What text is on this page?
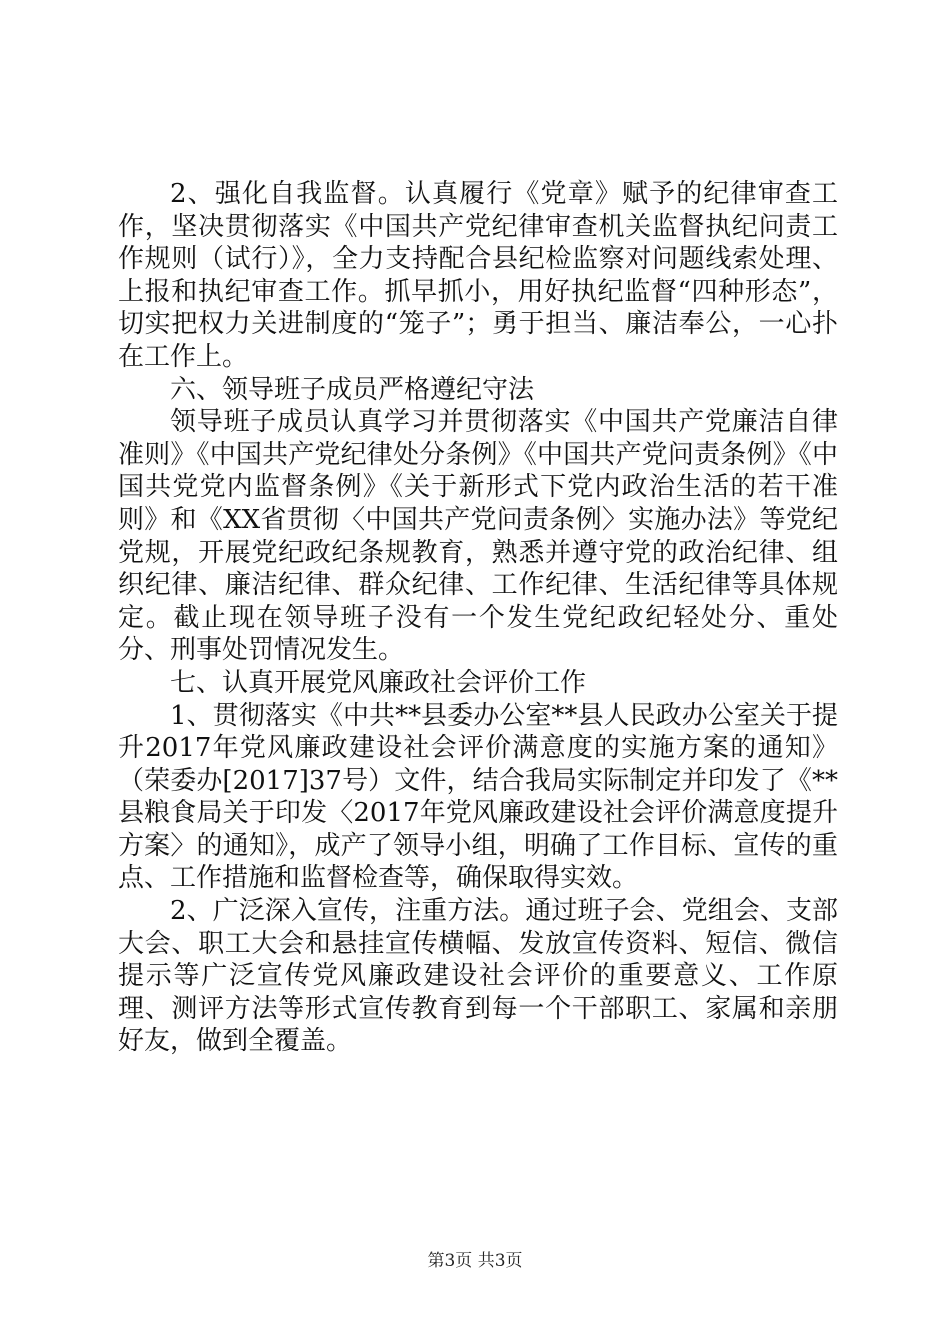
2、强化自我监督。认真履行《党章》赋予的纪律审查工作，坚决贯彻落实《中国共产党纪律审查机关监督执纪问责工作规则（试行）》，全力支持配合县纪检监察对问题线索处理、上报和执纪审查工作。抓早抓小，用好执纪监督“四种形态”，切实把权力关进制度的“笼子”；勇于担当、廉洁奉公，一心扑在工作上。

六、领导班子成员严格遵纪守法

领导班子成员认真学习并贯彻落实《中国共产党廉洁自律准则》《中国共产党纪律处分条例》《中国共产党问责条例》《中国共党党内监督条例》《关于新形式下党内政治生活的若干准则》和《XX省贯彻〈中国共产党问责条例〉实施办法》等党纪党规，开展党纪政纪条规教育，熟悉并遵守党的政治纪律、组织纪律、廉洁纪律、群众纪律、工作纪律、生活纪律等具体规定。截止现在领导班子没有一个发生党纪政纪轻处分、重处分、刑事处罚情况发生。

七、认真开展党风廉政社会评价工作

1、贯彻落实《中共**县委办公室**县人民政办公室关于提升2017年党风廉政建设社会评价满意度的实施方案的通知》（荣委办[2017]37号）文件，结合我局实际制定并印发了《**县粮食局关于印发〈2017年党风廉政建设社会评价满意度提升方案〉的通知》，成产了领导小组，明确了工作目标、宣传的重点、工作措施和监督检查等，确保取得实效。

2、广泛深入宣传，注重方法。通过班子会、党组会、支部大会、职工大会和悬挂宣传横幅、发放宣传资料、短信、微信提示等广泛宣传党风廉政建设社会评价的重要意义、工作原理、测评方法等形式宣传教育到每一个干部职工、家属和亲朋好友，做到全覆盖。

第3页 共3页
